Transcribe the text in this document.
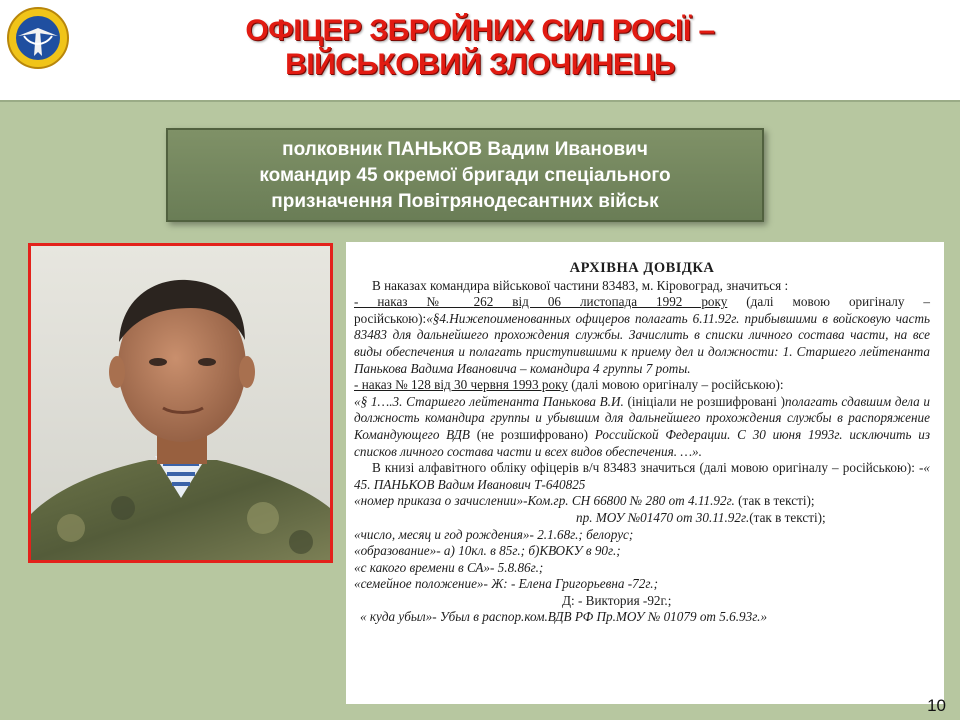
ОФІЦЕР ЗБРОЙНИХ СИЛ РОСІЇ –
ВІЙСЬКОВИЙ ЗЛОЧИНЕЦЬ
полковник ПАНЬКОВ Вадим Иванович
командир 45 окремої бригади спеціального
призначення Повітрянодесантних військ
АРХІВНА ДОВІДКА

В наказах командира військової частини 83483, м. Кіровоград, значиться :

- наказ № 262 від 06 листопада 1992 року (далі мовою оригіналу – російською):«§4.Нижепоименованных офицеров полагать 6.11.92г. прибывшими в войсковую часть 83483 для дальнейшего прохождения службы. Зачислить в списки личного состава части, на все виды обеспечения и полагать приступившими к приему дел и должности: 1. Старшего лейтенанта Панькова Вадима Ивановича – командира 4 группы 7 роты.

- наказ № 128 від 30 червня 1993 року (далі мовою оригіналу – російською):

«§ 1….3. Старшего лейтенанта Панькова В.И. (ініціали не розшифровані )полагать сдавшим дела и должность командира группы и убывшим для дальнейшего прохождения службы в распоряжение Командующего ВДВ (не розшифровано) Российской Федерации. С 30 июня 1993г. исключить из списков личного состава части и всех видов обеспечения. …».

В книзі алфавітного обліку офіцерів в/ч 83483 значиться (далі мовою оригіналу – російською): -« 45. ПАНЬКОВ Вадим Иванович Т-640825

«номер приказа о зачислении»-Ком.гр. СН 66800 № 280 от 4.11.92г. (так в тексті);

пр. МОУ №01470 от 30.11.92г.(так в тексті);

«число, месяц и год рождения»- 2.1.68г.; белорус;

«образование»- а) 10кл. в 85г.; б)КВОКУ в 90г.;

«с какого времени в СА»- 5.8.86г.;

«семейное положение»- Ж: - Елена Григорьевна -72г.;

Д: - Виктория -92г.;

« куда убыл»- Убыл в распор.ком.ВДВ РФ Пр.МОУ № 01079 от 5.6.93г.»

10
